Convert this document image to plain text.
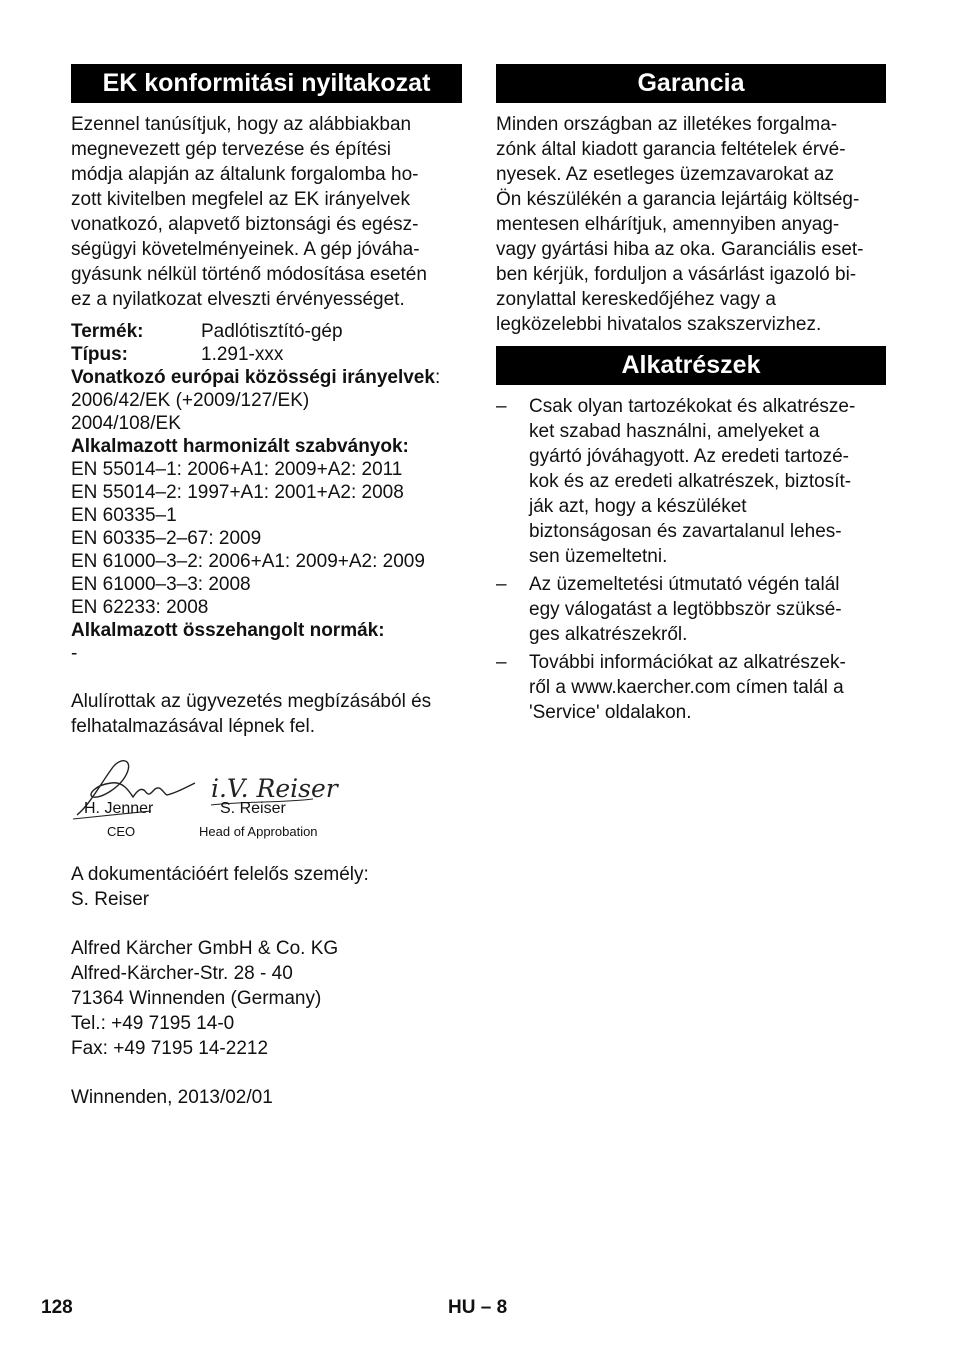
EK konformitási nyiltakozat

Ezennel tanúsítjuk, hogy az alábbiakban

megnevezett gép tervezése és építési

módja alapján az általunk forgalomba ho-

zott kivitelben megfelel az EK irányelvek

vonatkozó, alapvető biztonsági és egész-

ségügyi követelményeinek. A gép jóváha-

gyásunk nélkül történő módosítása esetén

ez a nyilatkozat elveszti érvényességet.

Termék:	Padlótisztító-gép
Típus:	1.291-xxx
Vonatkozó európai közösségi irányelvek:
2006/42/EK (+2009/127/EK)
2004/108/EK
Alkalmazott harmonizált szabványok:
EN 55014–1: 2006+A1: 2009+A2: 2011
EN 55014–2: 1997+A1: 2001+A2: 2008
EN 60335–1
EN 60335–2–67: 2009
EN 61000–3–2: 2006+A1: 2009+A2: 2009
EN 61000–3–3: 2008
EN 62233: 2008
Alkalmazott összehangolt normák:
-

Alulírottak az ügyvezetés megbízásából és

felhatalmazásával lépnek fel.

i.V. Reiser
H. Jenner
CEO
S. Reiser
Head of Approbation

A dokumentációért felelős személy:

S. Reiser

Alfred Kärcher GmbH & Co. KG

Alfred-Kärcher-Str. 28 - 40

71364 Winnenden (Germany)

Tel.: +49 7195 14-0

Fax: +49 7195 14-2212

Winnenden, 2013/02/01

Garancia

Minden országban az illetékes forgalma-

zónk által kiadott garancia feltételek érvé-

nyesek. Az esetleges üzemzavarokat az

Ön készülékén a garancia lejártáig költség-

mentesen elhárítjuk, amennyiben anyag-

vagy gyártási hiba az oka. Garanciális eset-

ben kérjük, forduljon a vásárlást igazoló bi-

zonylattal kereskedőjéhez vagy a

legközelebbi hivatalos szakszervizhez.

Alkatrészek
– Csak olyan tartozékokat és alkatrésze-

ket szabad használni, amelyeket a

gyártó jóváhagyott. Az eredeti tartozé-

kok és az eredeti alkatrészek, biztosít-

ják azt, hogy a készüléket

biztonságosan és zavartalanul lehes-

sen üzemeltetni.

– Az üzemeltetési útmutató végén talál

egy válogatást a legtöbbször szüksé-

ges alkatrészekről.

– További információkat az alkatrészek-

ről a www.kaercher.com címen talál a

'Service' oldalakon.

128	HU – 8
